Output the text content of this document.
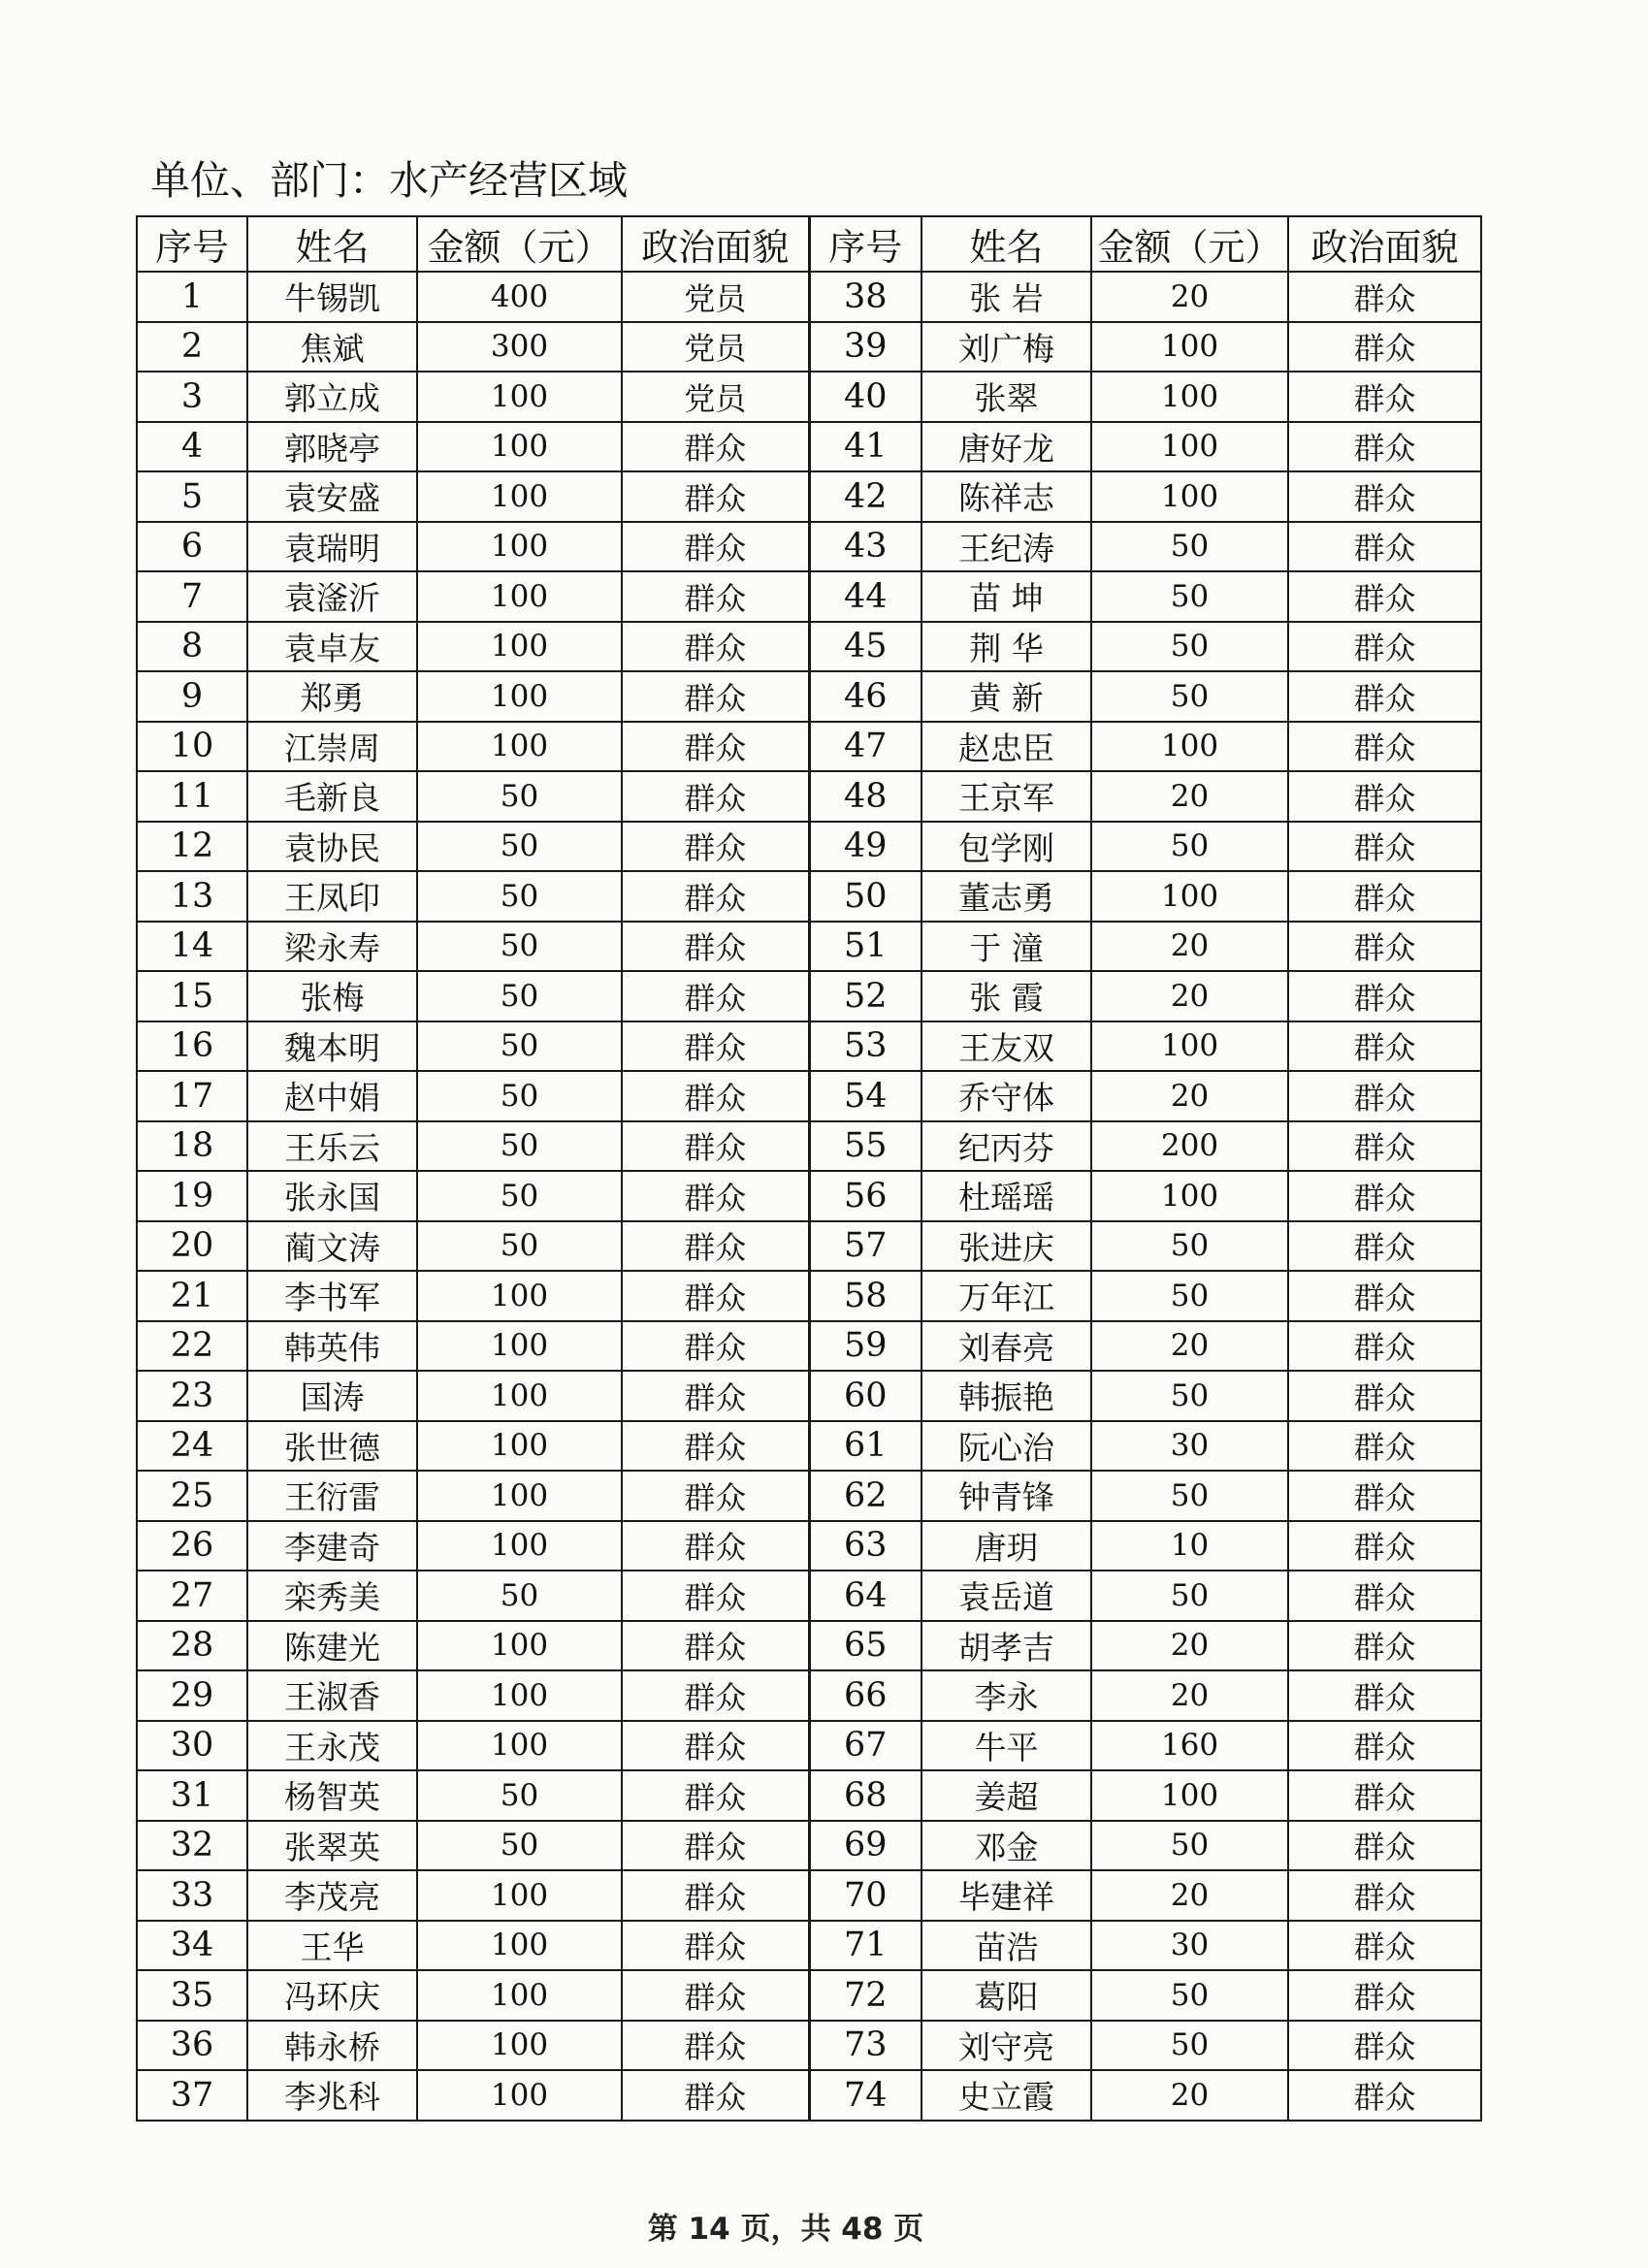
单位、部门：水产经营区域
序号	姓名	金额（元）	政治面貌	序号	姓名	金额（元）	政治面貌
1	牛锡凯	400	党员	38	张 岩	20	群众
2	焦斌	300	党员	39	刘广梅	100	群众
3	郭立成	100	党员	40	张翠	100	群众
4	郭晓亭	100	群众	41	唐好龙	100	群众
5	袁安盛	100	群众	42	陈祥志	100	群众
6	袁瑞明	100	群众	43	王纪涛	50	群众
7	袁滏沂	100	群众	44	苗 坤	50	群众
8	袁卓友	100	群众	45	荆 华	50	群众
9	郑勇	100	群众	46	黄 新	50	群众
10	江崇周	100	群众	47	赵忠臣	100	群众
11	毛新良	50	群众	48	王京军	20	群众
12	袁协民	50	群众	49	包学刚	50	群众
13	王凤印	50	群众	50	董志勇	100	群众
14	梁永寿	50	群众	51	于 潼	20	群众
15	张梅	50	群众	52	张 霞	20	群众
16	魏本明	50	群众	53	王友双	100	群众
17	赵中娟	50	群众	54	乔守体	20	群众
18	王乐云	50	群众	55	纪丙芬	200	群众
19	张永国	50	群众	56	杜瑶瑶	100	群众
20	蔺文涛	50	群众	57	张进庆	50	群众
21	李书军	100	群众	58	万年江	50	群众
22	韩英伟	100	群众	59	刘春亮	20	群众
23	国涛	100	群众	60	韩振艳	50	群众
24	张世德	100	群众	61	阮心治	30	群众
25	王衍雷	100	群众	62	钟青锋	50	群众
26	李建奇	100	群众	63	唐玥	10	群众
27	栾秀美	50	群众	64	袁岳道	50	群众
28	陈建光	100	群众	65	胡孝吉	20	群众
29	王淑香	100	群众	66	李永	20	群众
30	王永茂	100	群众	67	牛平	160	群众
31	杨智英	50	群众	68	姜超	100	群众
32	张翠英	50	群众	69	邓金	50	群众
33	李茂亮	100	群众	70	毕建祥	20	群众
34	王华	100	群众	71	苗浩	30	群众
35	冯环庆	100	群众	72	葛阳	50	群众
36	韩永桥	100	群众	73	刘守亮	50	群众
37	李兆科	100	群众	74	史立霞	20	群众
第 14 页，共 48 页
